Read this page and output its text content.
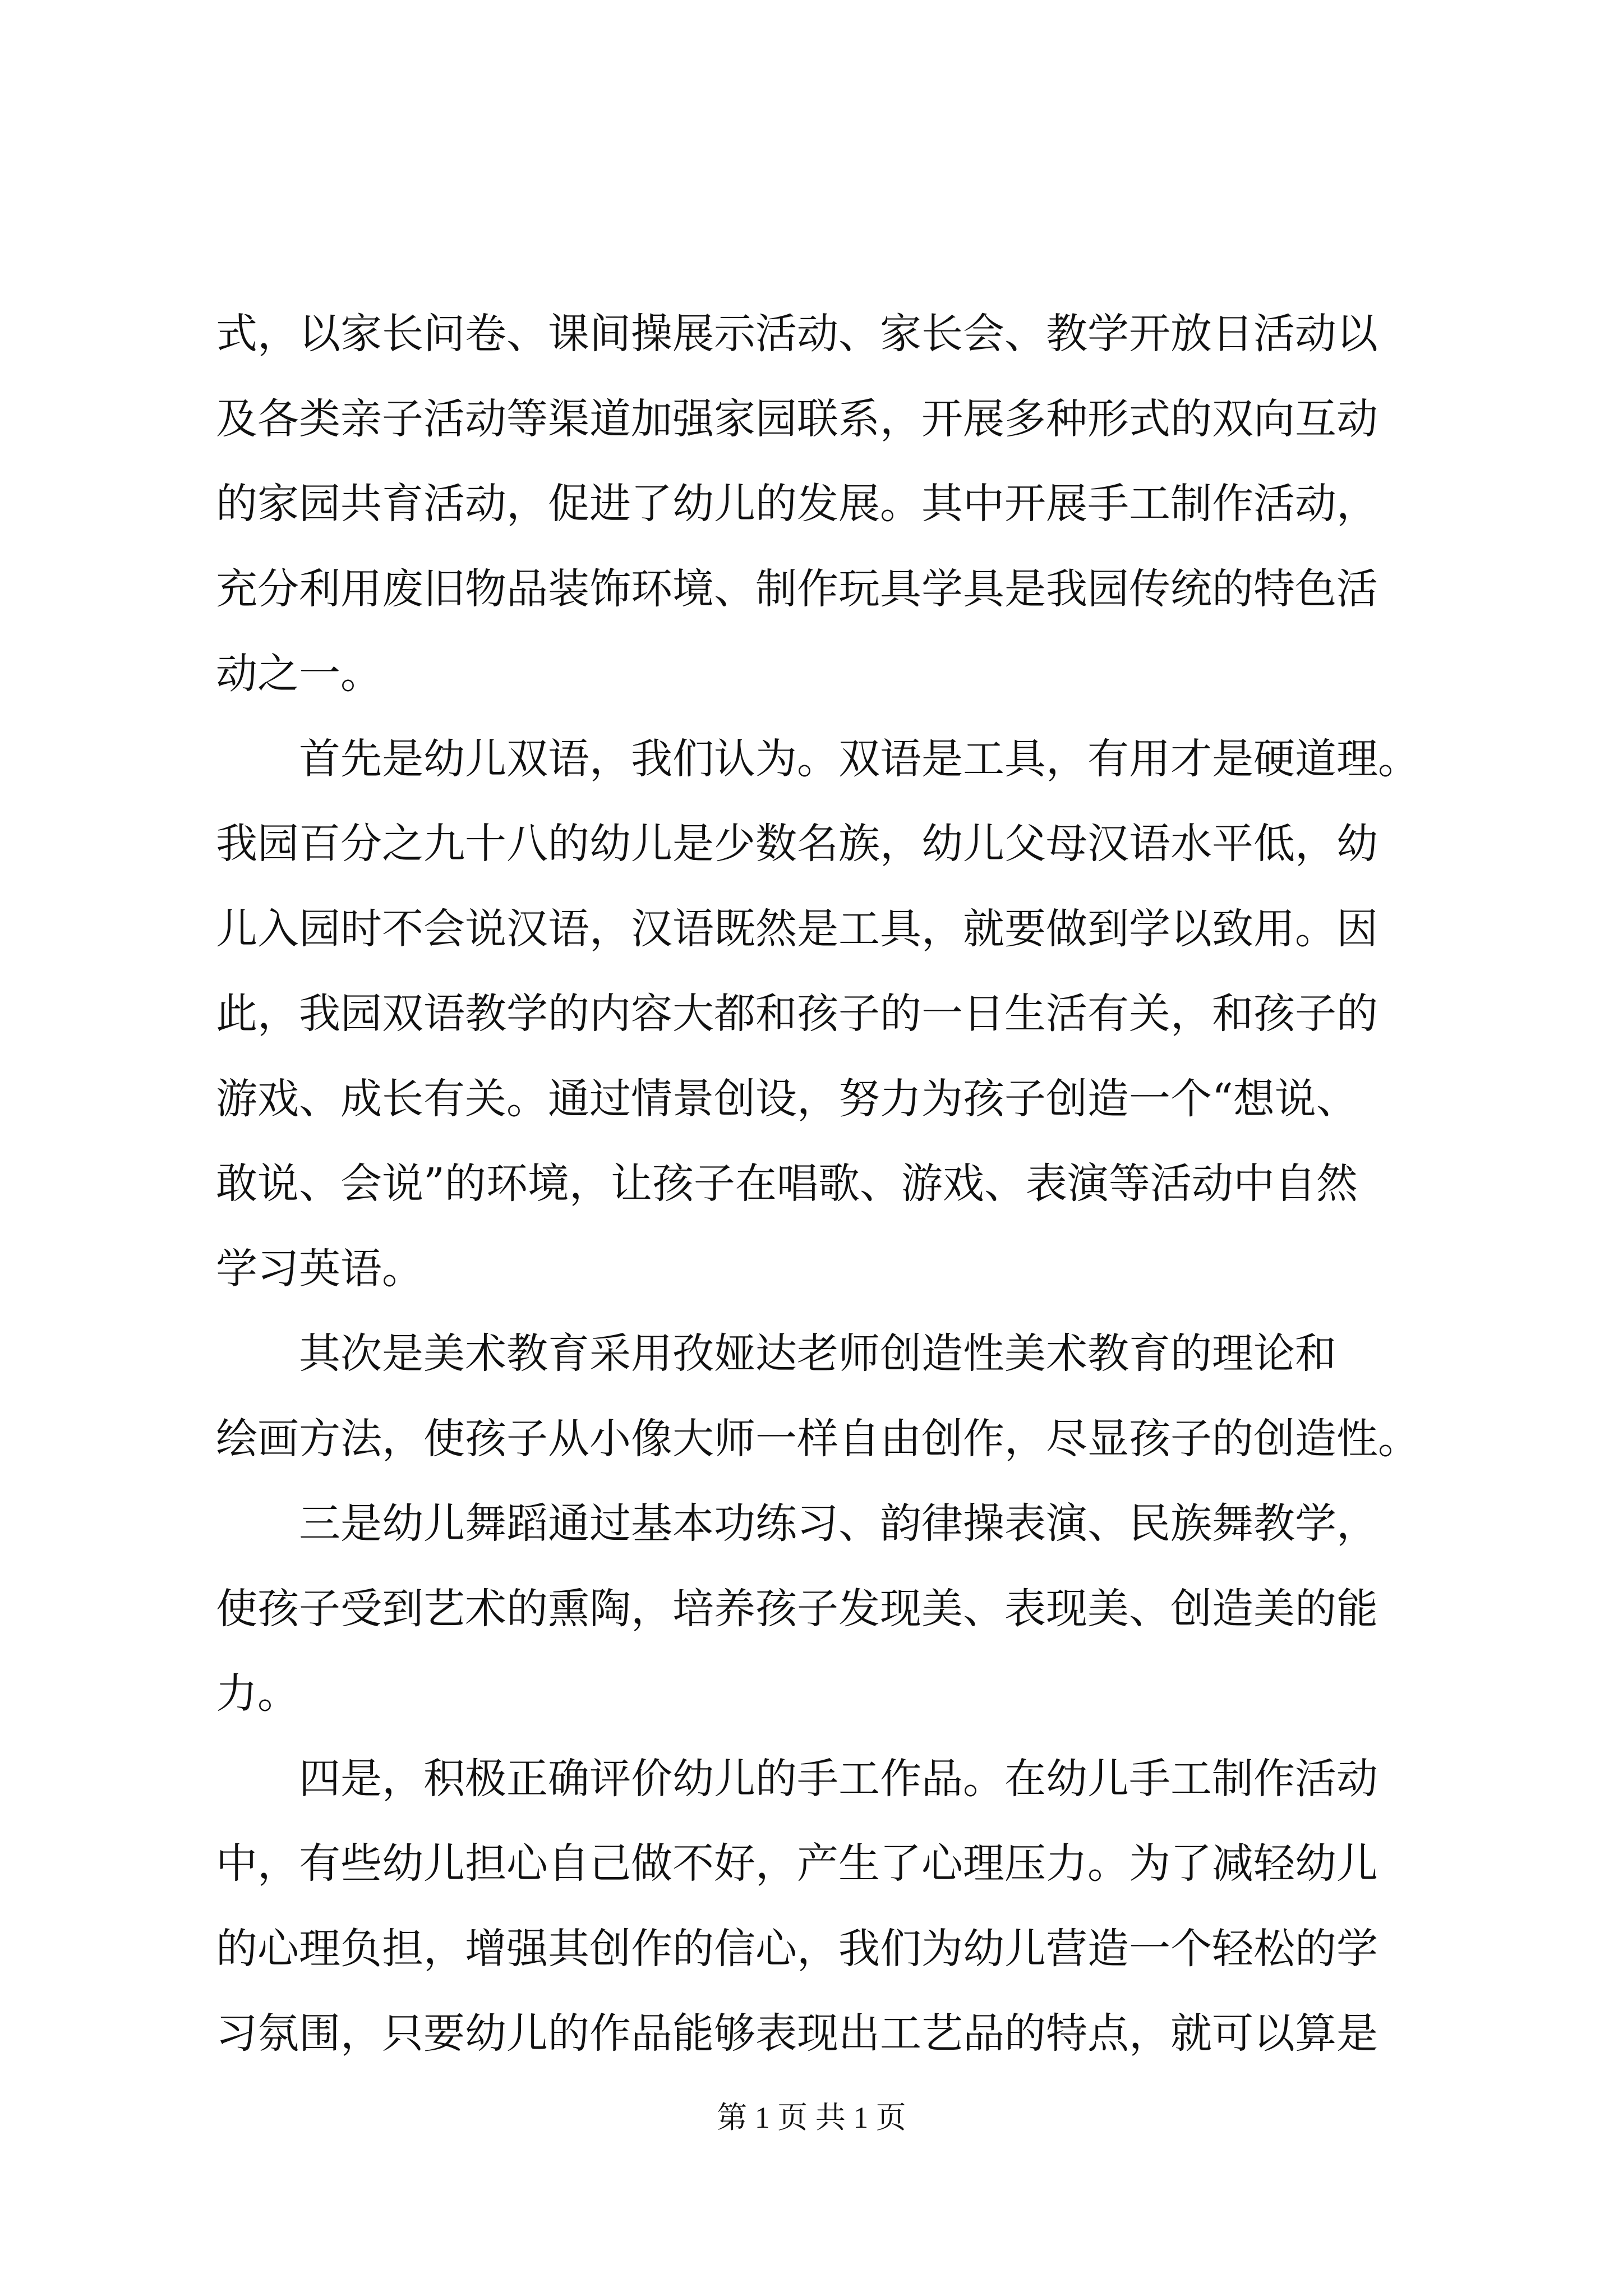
式，以家长问卷、课间操展示活动、家长会、教学开放日活动以
及各类亲子活动等渠道加强家园联系，开展多种形式的双向互动
的家园共育活动，促进了幼儿的发展。其中开展手工制作活动，
充分利用废旧物品装饰环境、制作玩具学具是我园传统的特色活
动之一。
　　首先是幼儿双语，我们认为。双语是工具，有用才是硬道理。
我园百分之九十八的幼儿是少数名族，幼儿父母汉语水平低，幼
儿入园时不会说汉语，汉语既然是工具，就要做到学以致用。因
此，我园双语教学的内容大都和孩子的一日生活有关，和孩子的
游戏、成长有关。通过情景创设，努力为孩子创造一个“想说、
敢说、会说”的环境，让孩子在唱歌、游戏、表演等活动中自然
学习英语。
　　其次是美术教育采用孜娅达老师创造性美术教育的理论和
绘画方法，使孩子从小像大师一样自由创作，尽显孩子的创造性。
　　三是幼儿舞蹈通过基本功练习、韵律操表演、民族舞教学，
使孩子受到艺术的熏陶，培养孩子发现美、表现美、创造美的能
力。
　　四是，积极正确评价幼儿的手工作品。在幼儿手工制作活动
中，有些幼儿担心自己做不好，产生了心理压力。为了减轻幼儿
的心理负担，增强其创作的信心，我们为幼儿营造一个轻松的学
习氛围，只要幼儿的作品能够表现出工艺品的特点，就可以算是
第 1 页 共 1 页
